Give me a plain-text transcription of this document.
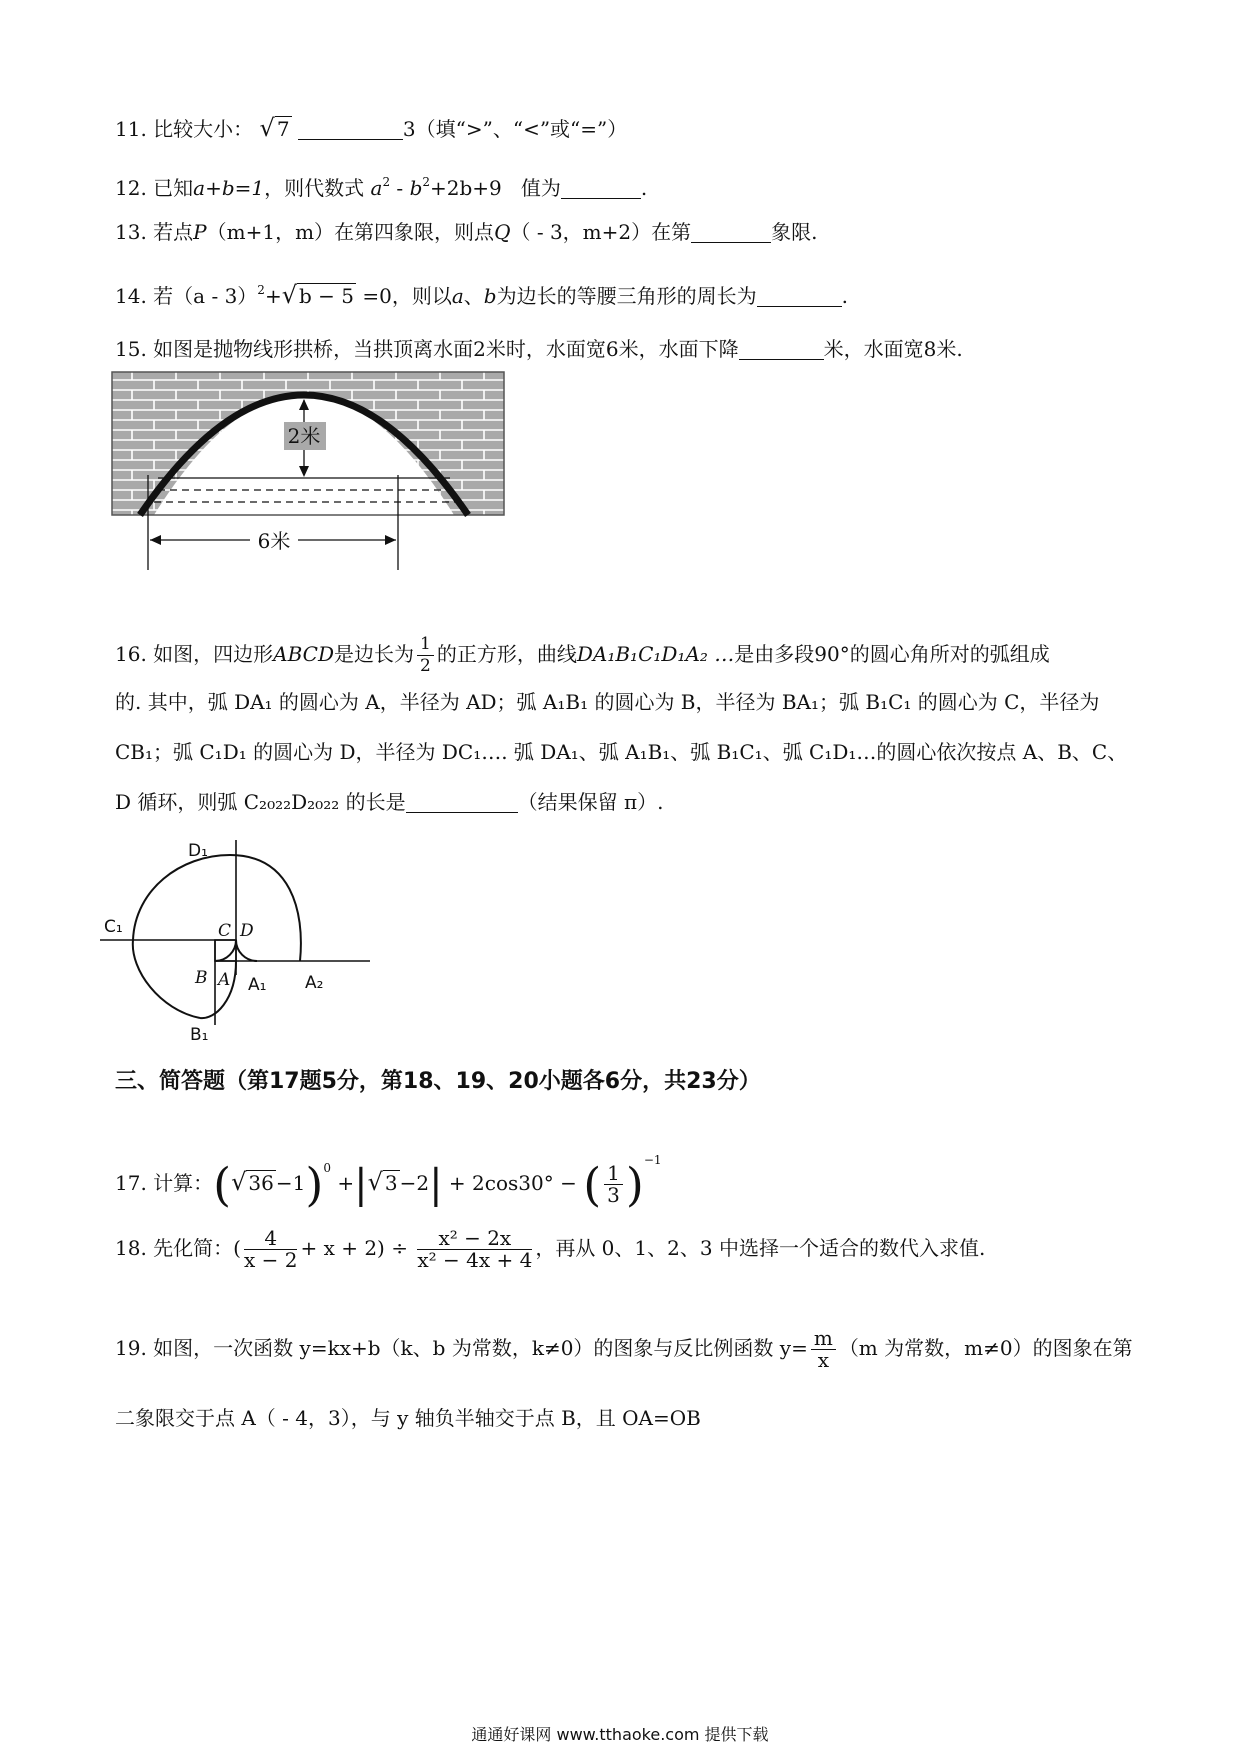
11. 比较大小： √ 7	3（填“>”、“<”或“=”）
12. 已知a+b=1，则代数式 $a^2 - b^2+2b+9$ 值为	.
13. 若点P（m+1，m）在第四象限，则点Q（ - 3，m+2）在第	象限.
14. 若（a - 3）$^2$+√ b − 5 =0，则以a、b为边长的等腰三角形的周长为	.
15. 如图是抛物线形拱桥，当拱顶离水面2米时，水面宽6米，水面下降	米，水面宽8米.
2米
6米
16. 如图，四边形ABCD是边长为 $\frac{1}{2}$ 的正方形，曲线DA₁B₁C₁D₁A₂ …是由多段90°的圆心角所对的弧组成
的. 其中，弧 DA₁ 的圆心为 A，半径为 AD；弧 A₁B₁ 的圆心为 B，半径为 BA₁；弧 B₁C₁ 的圆心为 C，半径为
CB₁；弧 C₁D₁ 的圆心为 D，半径为 DC₁…. 弧 DA₁、弧 A₁B₁、弧 B₁C₁、弧 C₁D₁…的圆心依次按点 A、B、C、
D 循环，则弧 C₂₀₂₂D₂₀₂₂ 的长是	（结果保留 π）.
D₁
C₁	C D
B A A₁ A₂
B₁
三、简答题（第17题5分，第18、19、20小题各6分，共23分）
17. 计算：(√ 36 −1)$^0$ +|√ 3 −2| + 2cos30° − ( $\frac{1}{3} )^{-1}$
18. 先化简：( $\frac{4}{x - 2} + x + 2) \div \frac{\text{x² − 2x}}{\text{x² − 4x + 4}}$ ，再从 0、1、2、3 中选择一个适合的数代入求值.
19. 如图，一次函数 y=kx+b（k、b 为常数，k≠0）的图象与反比例函数 $y= \frac{m}{x} (m$ 为常数，m≠0）的图象在第
二象限交于点 A（ - 4，3），与 y 轴负半轴交于点 B，且 OA=OB
通通好课网 www.tthaoke.com 提供下载
